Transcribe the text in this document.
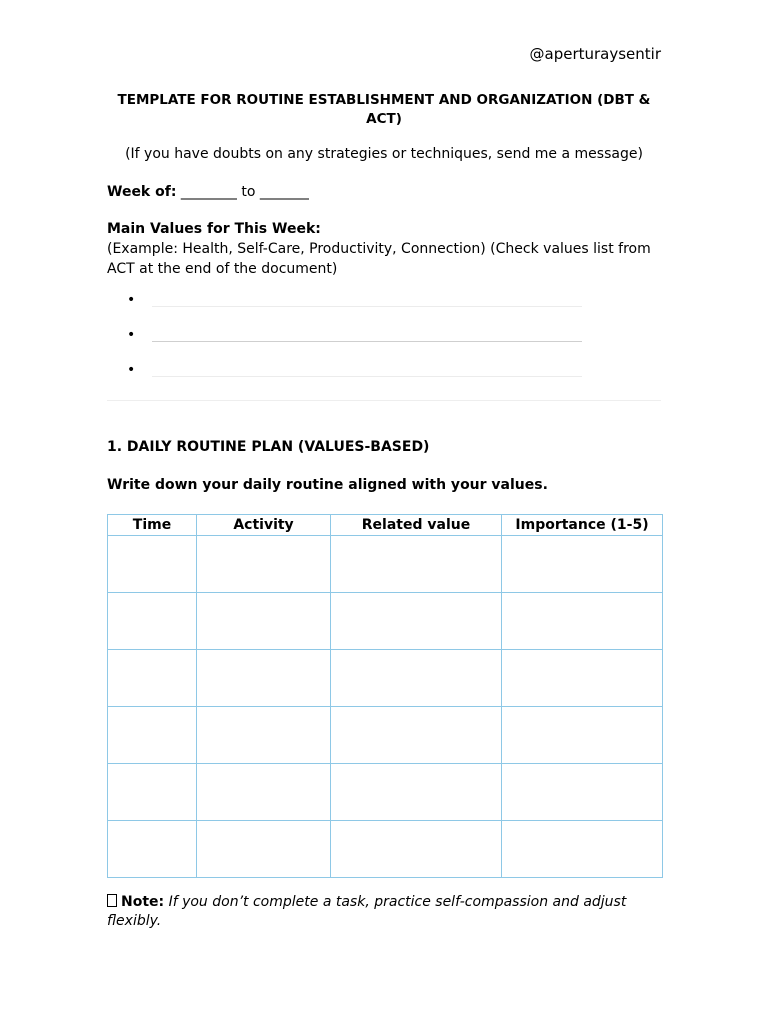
@aperturaysentir
TEMPLATE FOR ROUTINE ESTABLISHMENT AND ORGANIZATION (DBT & ACT)
(If you have doubts on any strategies or techniques, send me a message)
Week of: ________ to _______
Main Values for This Week:
(Example: Health, Self-Care, Productivity, Connection) (Check values list from ACT at the end of the document)
•
•
•
1. DAILY ROUTINE PLAN (VALUES-BASED)
Write down your daily routine aligned with your values.
Time	Activity	Related value	Importance (1-5)

Note: If you don’t complete a task, practice self-compassion and adjust flexibly.
